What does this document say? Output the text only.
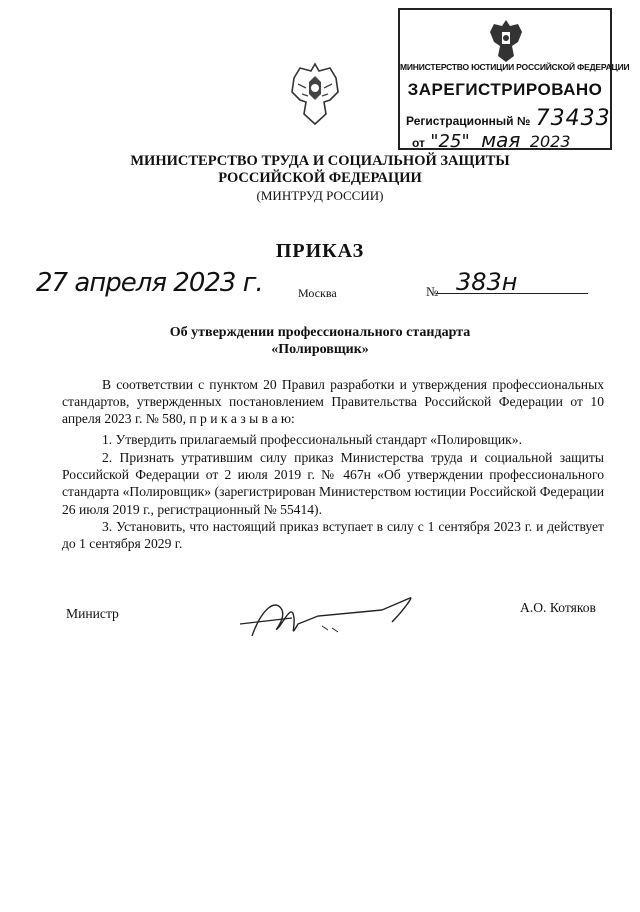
МИНИСТЕРСТВО ЮСТИЦИИ РОССИЙСКОЙ ФЕДЕРАЦИИ
ЗАРЕГИСТРИРОВАНО
Регистрационный № 73433
от "25" мая 2023
МИНИСТЕРСТВО ТРУДА И СОЦИАЛЬНОЙ ЗАЩИТЫ
РОССИЙСКОЙ ФЕДЕРАЦИИ
(МИНТРУД РОССИИ)
ПРИКАЗ
27 апреля 2023 г.	Москва	№ 383н
Об утверждении профессионального стандарта
«Полировщик»
В соответствии с пунктом 20 Правил разработки и утверждения профессиональных стандартов, утвержденных постановлением Правительства Российской Федерации от 10 апреля 2023 г. № 580, п р и к а з ы в а ю:
1. Утвердить прилагаемый профессиональный стандарт «Полировщик».
2. Признать утратившим силу приказ Министерства труда и социальной защиты Российской Федерации от 2 июля 2019 г. № 467н «Об утверждении профессионального стандарта «Полировщик» (зарегистрирован Министерством юстиции Российской Федерации 26 июля 2019 г., регистрационный № 55414).
3. Установить, что настоящий приказ вступает в силу с 1 сентября 2023 г. и действует до 1 сентября 2029 г.
Министр	А.О. Котяков
